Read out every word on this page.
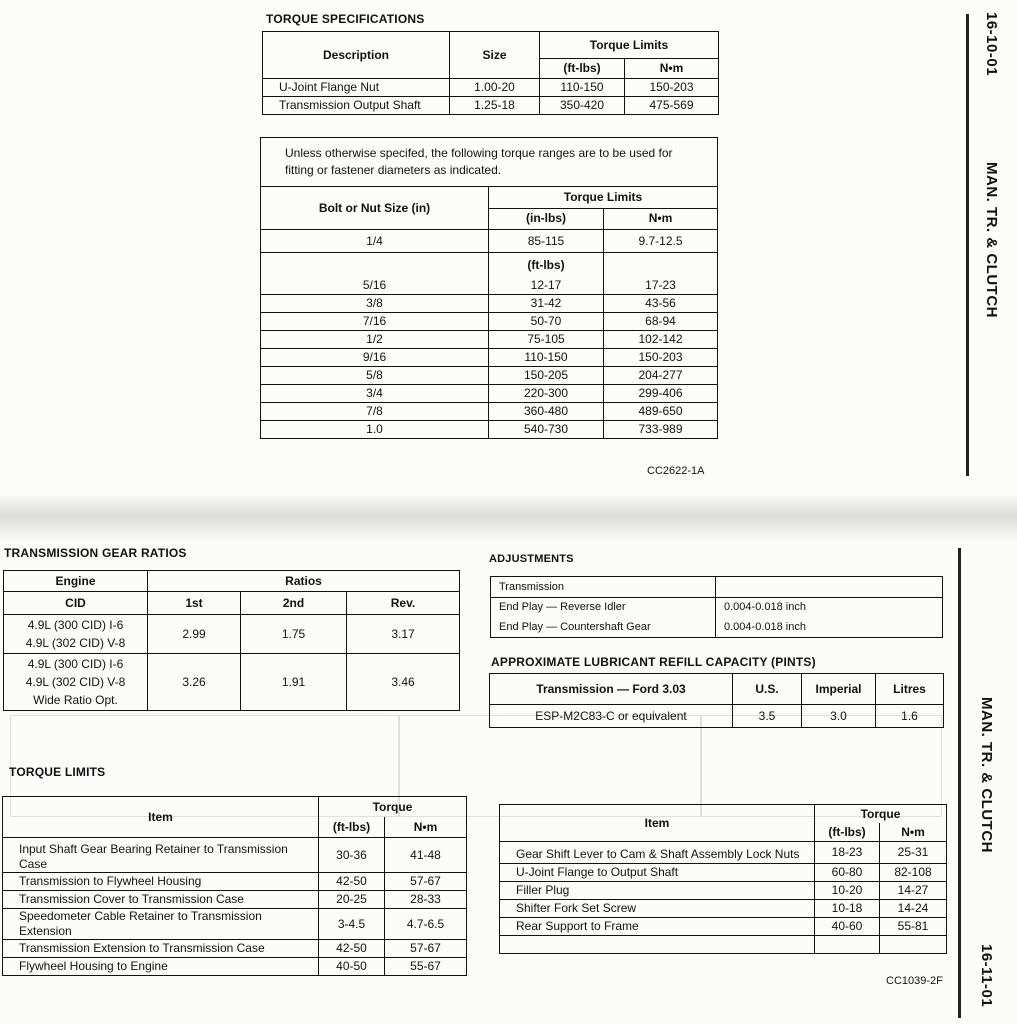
TORQUE SPECIFICATIONS
Description	Size	Torque Limits	
		(ft-lbs)	N•m
U-Joint Flange Nut	1.00-20	110-150	150-203
Transmission Output Shaft	1.25-18	350-420	475-569
Unless otherwise specifed, the following torque ranges are to be used for fitting or fastener diameters as indicated.		
Bolt or Nut Size (in)	Torque Limits	
	(in-lbs)	N•m
1/4	85-115	9.7-12.5
	(ft-lbs)	
5/16	12-17	17-23
3/8	31-42	43-56
7/16	50-70	68-94
1/2	75-105	102-142
9/16	110-150	150-203
5/8	150-205	204-277
3/4	220-300	299-406
7/8	360-480	489-650
1.0	540-730	733-989
CC2622-1A
16-10-01
MAN. TR. & CLUTCH
TRANSMISSION GEAR RATIOS
Engine	Ratios		
CID	1st	2nd	Rev.

4.9L (300 CID) I-6
4.9L (302 CID) V-8	2.99	1.75	3.17

4.9L (300 CID) I-6
4.9L (302 CID) V-8
Wide Ratio Opt.	3.26	1.91	3.46
ADJUSTMENTS
Transmission	
End Play — Reverse Idler	0.004-0.018 inch
End Play — Countershaft Gear	0.004-0.018 inch
APPROXIMATE LUBRICANT REFILL CAPACITY (PINTS)
Transmission — Ford 3.03	U.S.	Imperial	Litres
ESP-M2C83-C or equivalent	3.5	3.0	1.6
TORQUE LIMITS
Item	Torque	
	(ft-lbs)	N•m
Input Shaft Gear Bearing Retainer to Transmission Case	30-36	41-48
Transmission to Flywheel Housing	42-50	57-67
Transmission Cover to Transmission Case	20-25	28-33
Speedometer Cable Retainer to Transmission Extension	3-4.5	4.7-6.5
Transmission Extension to Transmission Case	42-50	57-67
Flywheel Housing to Engine	40-50	55-67
Item	Torque	
	(ft-lbs)	N•m
Gear Shift Lever to Cam & Shaft Assembly Lock Nuts	18-23	25-31
U-Joint Flange to Output Shaft	60-80	82-108
Filler Plug	10-20	14-27
Shifter Fork Set Screw	10-18	14-24
Rear Support to Frame	40-60	55-81

CC1039-2F
MAN. TR. & CLUTCH
16-11-01
